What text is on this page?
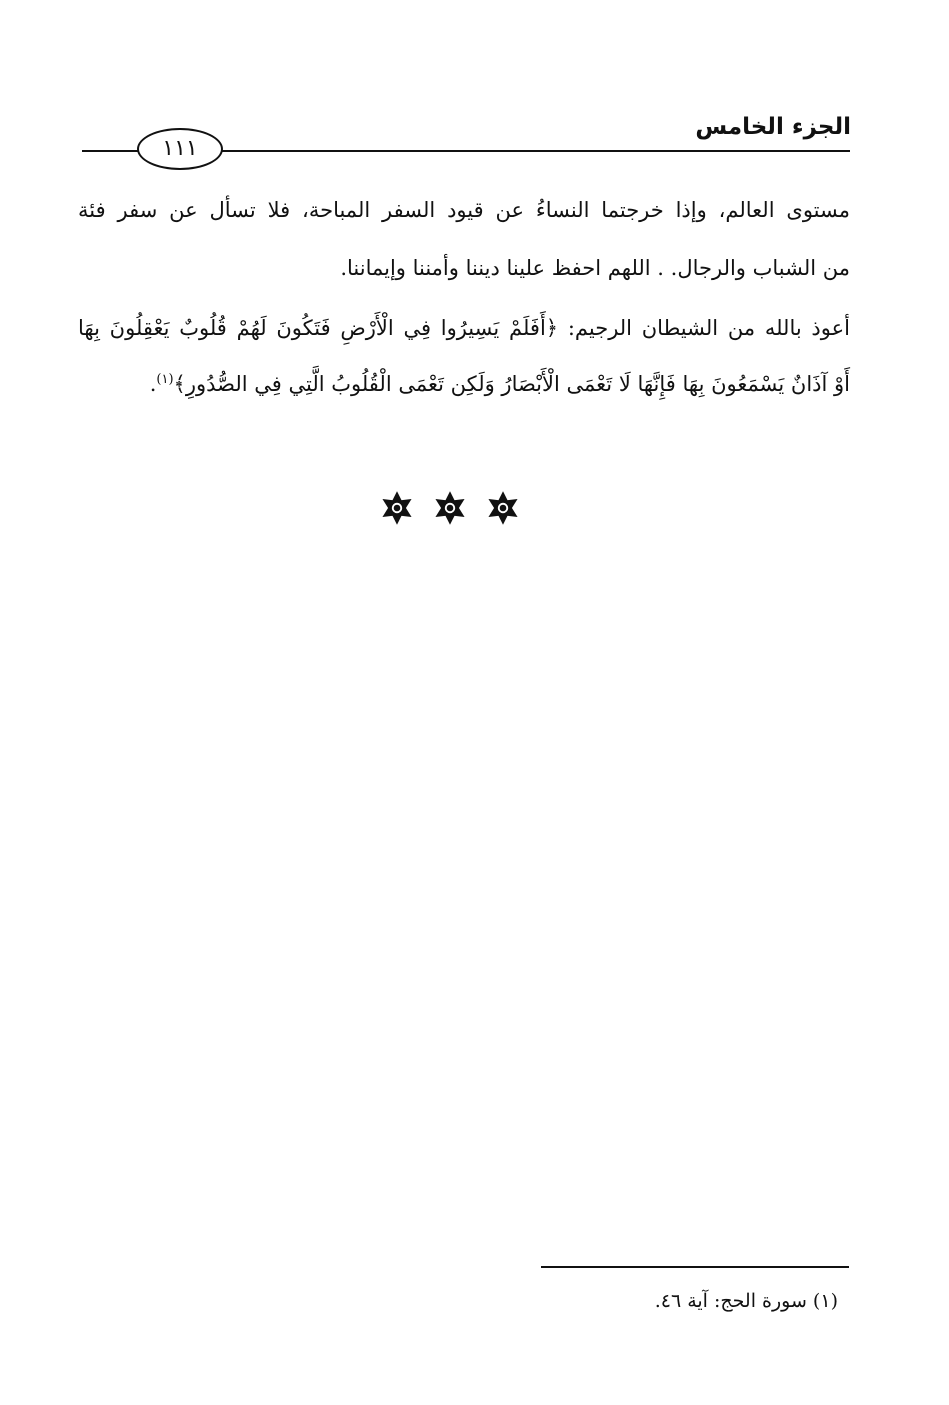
الجزء الخامس
١١١
مستوى العالم، وإذا خرجتما النساءُ عن قيود السفر المباحة، فلا تسأل عن سفر فئة
من الشباب والرجال. . اللهم احفظ علينا ديننا وأمننا وإيماننا.
أعوذ بالله من الشيطان الرجيم: ﴿أَفَلَمْ يَسِيرُوا فِي الْأَرْضِ فَتَكُونَ لَهُمْ قُلُوبٌ يَعْقِلُونَ بِهَا
أَوْ آذَانٌ يَسْمَعُونَ بِهَا فَإِنَّهَا لَا تَعْمَى الْأَبْصَارُ وَلَكِن تَعْمَى الْقُلُوبُ الَّتِي فِي الصُّدُورِ﴾$^{(١)}$.
(١) سورة الحج: آية ٤٦.
